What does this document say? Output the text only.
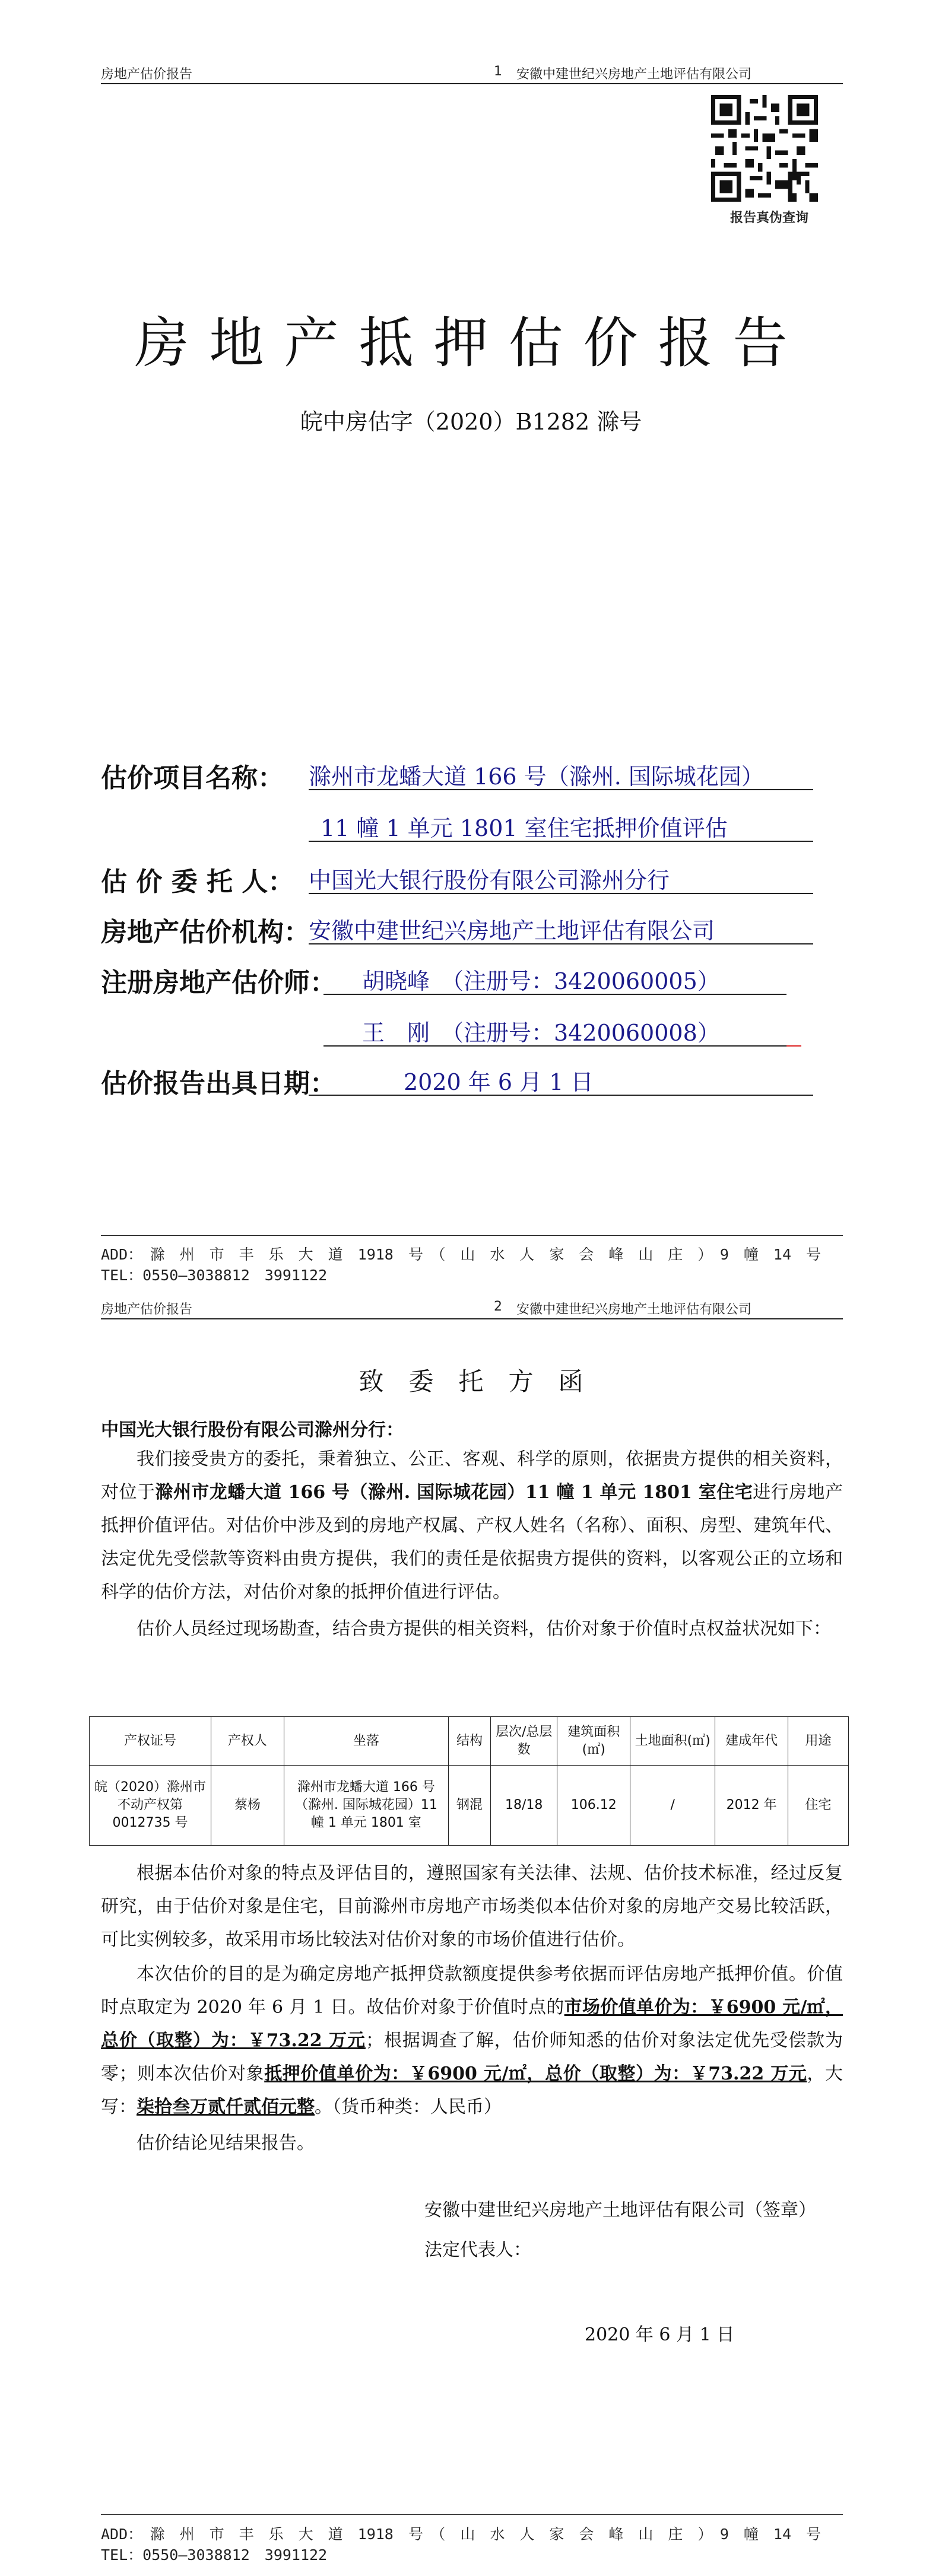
房地产估价报告	1 安徽中建世纪兴房地产土地评估有限公司
报告真伪查询
房地产抵押估价报告
皖中房估字（2020）B1282 滁号
估价项目名称： 滁州市龙蟠大道 166 号（滁州. 国际城花园）
11 幢 1 单元 1801 室住宅抵押价值评估
估 价 委 托 人： 中国光大银行股份有限公司滁州分行
房地产估价机构：
安徽中建世纪兴房地产土地评估有限公司
注册房地产估价师： 胡晓峰　（注册号：3420060005）
王　刚　（注册号：3420060008）
估价报告出具日期：	2020 年 6 月 1 日
ADD：　滁　州　市　丰　乐　大　道　1918　号　（　山　水　人　家　会　峰　山　庄　）　9　幢　14　号
TEL：0550—3038812　3991122
房地产估价报告	2 安徽中建世纪兴房地产土地评估有限公司
致　委　托　方　函
中国光大银行股份有限公司滁州分行：
我们接受贵方的委托，秉着独立、公正、客观、科学的原则，依据贵方提供的相关资料，对位于滁州市龙蟠大道 166 号（滁州. 国际城花园）11 幢 1 单元 1801 室住宅进行房地产抵押价值评估。对估价中涉及到的房地产权属、产权人姓名（名称）、面积、房型、建筑年代、法定优先受偿款等资料由贵方提供，我们的责任是依据贵方提供的资料，以客观公正的立场和科学的估价方法，对估价对象的抵押价值进行评估。
估价人员经过现场勘查，结合贵方提供的相关资料，估价对象于价值时点权益状况如下：
产权证号	产权人	坐落	结构	层次/总层数	建筑面积(㎡)	土地面积(㎡)	建成年代	用途
皖（2020）滁州市不动产权第0012735 号	蔡杨	滁州市龙蟠大道 166 号（滁州. 国际城花园）11 幢 1 单元 1801 室	钢混	18/18	106.12	/	2012 年	住宅
根据本估价对象的特点及评估目的，遵照国家有关法律、法规、估价技术标准，经过反复研究，由于估价对象是住宅，目前滁州市房地产市场类似本估价对象的房地产交易比较活跃，可比实例较多，故采用市场比较法对估价对象的市场价值进行估价。
本次估价的目的是为确定房地产抵押贷款额度提供参考依据而评估房地产抵押价值。价值时点取定为 2020 年 6 月 1 日。故估价对象于价值时点的市场价值单价为：￥6900 元/㎡，总价（取整）为：￥73.22 万元；根据调查了解，估价师知悉的估价对象法定优先受偿款为零；则本次估价对象抵押价值单价为：￥6900 元/㎡，总价（取整）为：￥73.22 万元，大写：柒拾叁万贰仟贰佰元整。（货币种类：人民币）
估价结论见结果报告。
安徽中建世纪兴房地产土地评估有限公司（签章）
法定代表人：
2020 年 6 月 1 日
ADD：　滁　州　市　丰　乐　大　道　1918　号　（　山　水　人　家　会　峰　山　庄　）　9　幢　14　号
TEL：0550—3038812　3991122
